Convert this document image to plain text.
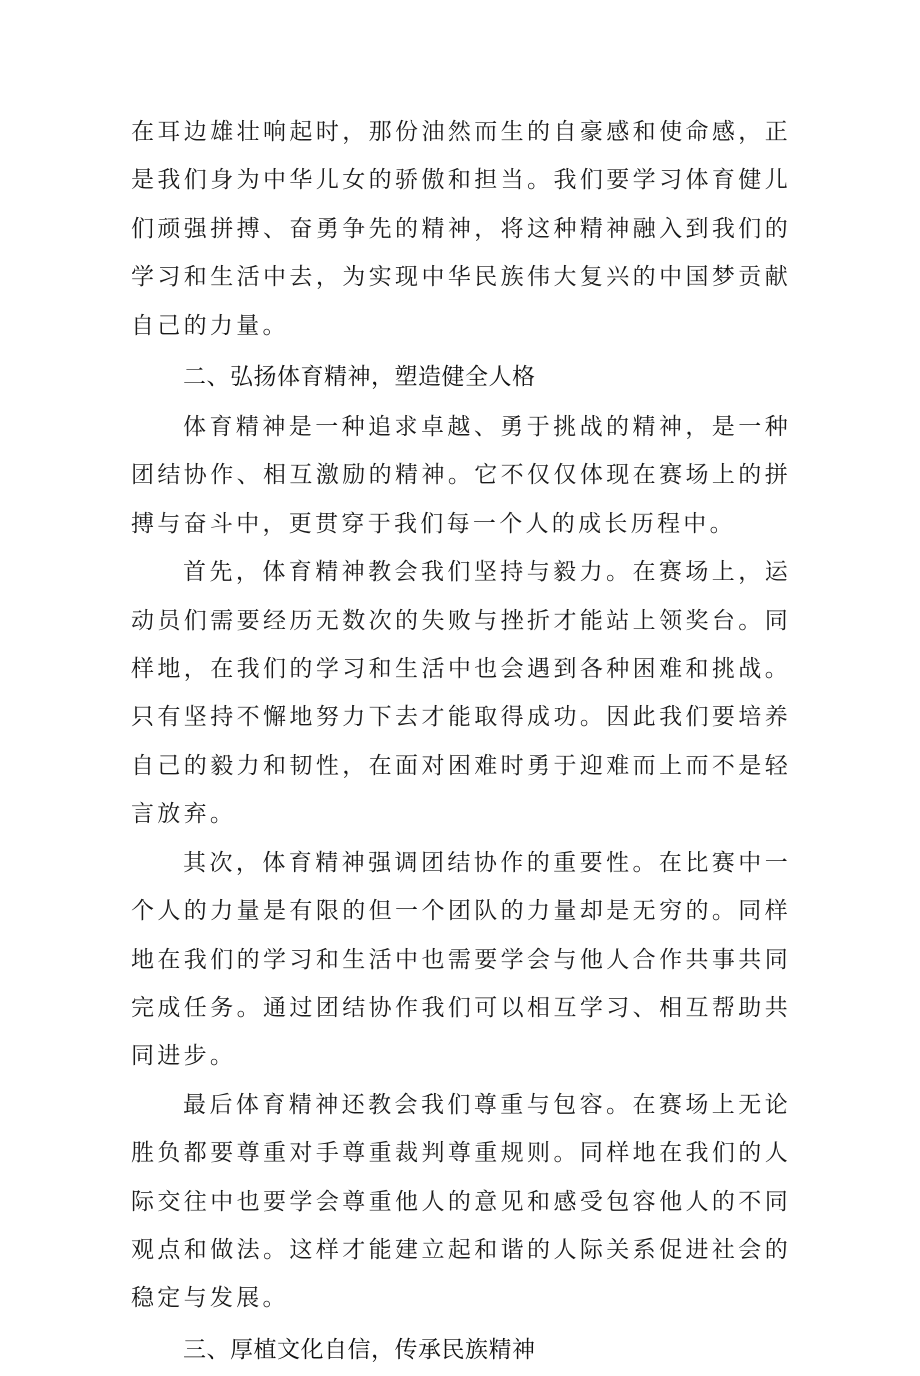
在耳边雄壮响起时，那份油然而生的自豪感和使命感，正是我们身为中华儿女的骄傲和担当。我们要学习体育健儿们顽强拼搏、奋勇争先的精神，将这种精神融入到我们的学习和生活中去，为实现中华民族伟大复兴的中国梦贡献自己的力量。

二、弘扬体育精神，塑造健全人格

体育精神是一种追求卓越、勇于挑战的精神，是一种团结协作、相互激励的精神。它不仅仅体现在赛场上的拼搏与奋斗中，更贯穿于我们每一个人的成长历程中。

首先，体育精神教会我们坚持与毅力。在赛场上，运动员们需要经历无数次的失败与挫折才能站上领奖台。同样地，在我们的学习和生活中也会遇到各种困难和挑战。只有坚持不懈地努力下去才能取得成功。因此我们要培养自己的毅力和韧性，在面对困难时勇于迎难而上而不是轻言放弃。

其次，体育精神强调团结协作的重要性。在比赛中一个人的力量是有限的但一个团队的力量却是无穷的。同样地在我们的学习和生活中也需要学会与他人合作共事共同完成任务。通过团结协作我们可以相互学习、相互帮助共同进步。

最后体育精神还教会我们尊重与包容。在赛场上无论胜负都要尊重对手尊重裁判尊重规则。同样地在我们的人际交往中也要学会尊重他人的意见和感受包容他人的不同观点和做法。这样才能建立起和谐的人际关系促进社会的稳定与发展。

三、厚植文化自信，传承民族精神
